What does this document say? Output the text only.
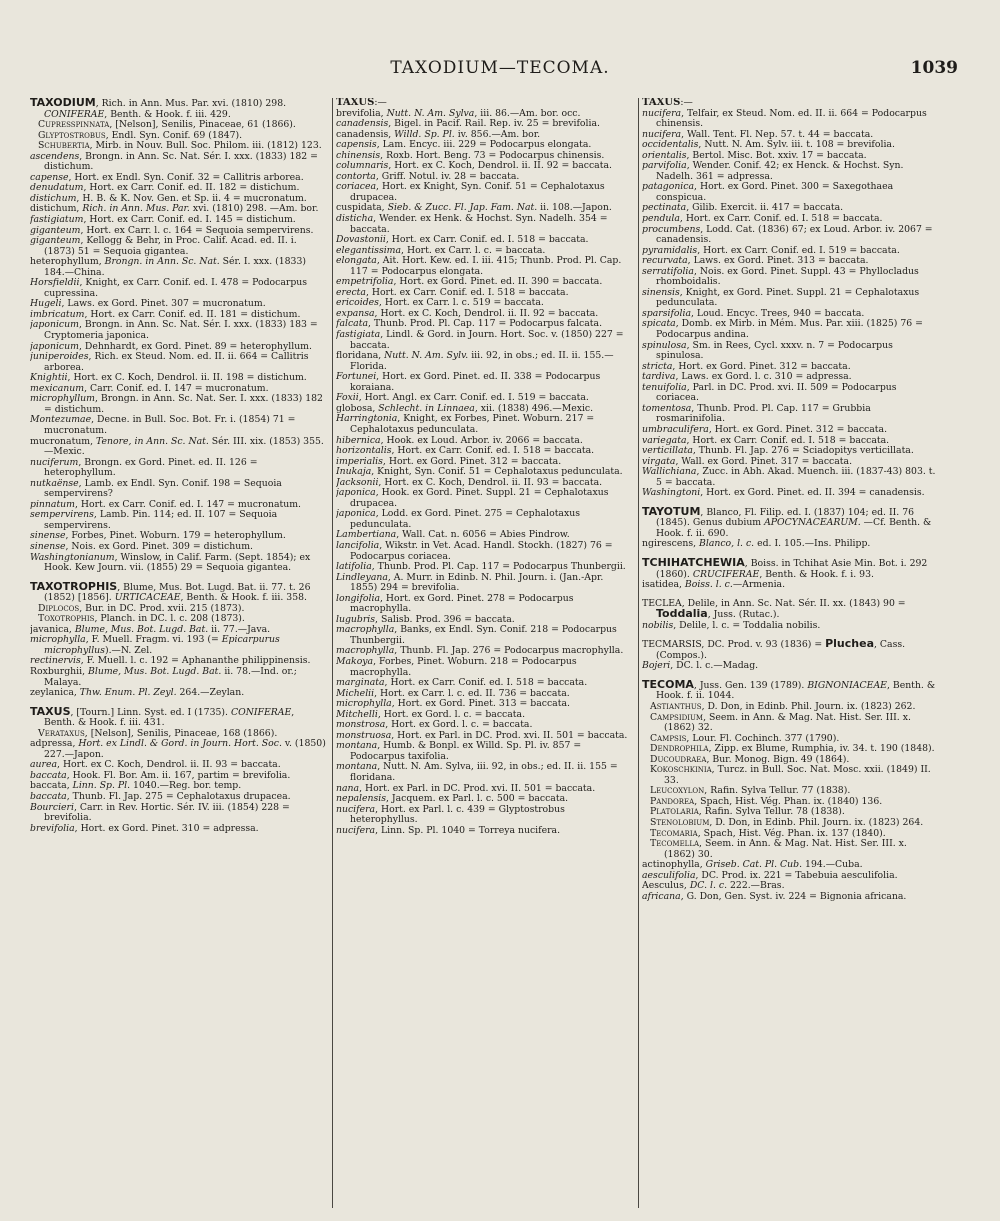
TAXODIUM—TECOMA.	1039

TAXODIUM, Rich. in Ann. Mus. Par. xvi. (1810) 298. CONIFERAE, Benth. & Hook. f. iii. 429.

Cupresspinnata, [Nelson], Senilis, Pinaceae, 61 (1866).

Glyptostrobus, Endl. Syn. Conif. 69 (1847).

Schubertia, Mirb. in Nouv. Bull. Soc. Philom. iii. (1812) 123.

ascendens, Brongn. in Ann. Sc. Nat. Sér. I. xxx. (1833) 182 = distichum.

capense, Hort. ex Endl. Syn. Conif. 32 = Callitris arborea.

denudatum, Hort. ex Carr. Conif. ed. II. 182 = distichum.

distichum, H. B. & K. Nov. Gen. et Sp. ii. 4 = mucronatum.

distichum, Rich. in Ann. Mus. Par. xvi. (1810) 298. —Am. bor.

fastigiatum, Hort. ex Carr. Conif. ed. I. 145 = distichum.

giganteum, Hort. ex Carr. l. c. 164 = Sequoia sempervirens.

giganteum, Kellogg & Behr, in Proc. Calif. Acad. ed. II. i. (1873) 51 = Sequoia gigantea.

heterophyllum, Brongn. in Ann. Sc. Nat. Sér. I. xxx. (1833) 184.—China.

Horsfieldii, Knight, ex Carr. Conif. ed. I. 478 = Podocarpus cupressina.

Hugeli, Laws. ex Gord. Pinet. 307 = mucronatum.

imbricatum, Hort. ex Carr. Conif. ed. II. 181 = distichum.

japonicum, Brongn. in Ann. Sc. Nat. Sér. I. xxx. (1833) 183 = Cryptomeria japonica.

japonicum, Dehnhardt, ex Gord. Pinet. 89 = heterophyllum.

juniperoides, Rich. ex Steud. Nom. ed. II. ii. 664 = Callitris arborea.

Knightii, Hort. ex C. Koch, Dendrol. ii. II. 198 = distichum.

mexicanum, Carr. Conif. ed. I. 147 = mucronatum.

microphyllum, Brongn. in Ann. Sc. Nat. Ser. I. xxx. (1833) 182 = distichum.

Montezumae, Decne. in Bull. Soc. Bot. Fr. i. (1854) 71 = mucronatum.

mucronatum, Tenore, in Ann. Sc. Nat. Sér. III. xix. (1853) 355.—Mexic.

nuciferum, Brongn. ex Gord. Pinet. ed. II. 126 = heterophyllum.

nutkaënse, Lamb. ex Endl. Syn. Conif. 198 = Sequoia sempervirens?

pinnatum, Hort. ex Carr. Conif. ed. I. 147 = mucronatum.

sempervirens, Lamb. Pin. 114; ed. II. 107 = Sequoia sempervirens.

sinense, Forbes, Pinet. Woburn. 179 = heterophyllum.

sinense, Nois. ex Gord. Pinet. 309 = distichum.

Washingtonianum, Winslow, in Calif. Farm. (Sept. 1854); ex Hook. Kew Journ. vii. (1855) 29 = Sequoia gigantea.

TAXOTROPHIS, Blume, Mus. Bot. Lugd. Bat. ii. 77. t. 26 (1852) [1856]. URTICACEAE, Benth. & Hook. f. iii. 358.

Diplocos, Bur. in DC. Prod. xvii. 215 (1873).

Toxotrophis, Planch. in DC. l. c. 208 (1873).

javanica, Blume, Mus. Bot. Lugd. Bat. ii. 77.—Java.

microphylla, F. Muell. Fragm. vi. 193 (= Epicarpurus microphyllus).—N. Zel.

rectinervis, F. Muell. l. c. 192 = Aphananthe philippinensis.

Roxburghii, Blume, Mus. Bot. Lugd. Bat. ii. 78.—Ind. or.; Malaya.

zeylanica, Thw. Enum. Pl. Zeyl. 264.—Zeylan.

TAXUS, [Tourn.] Linn. Syst. ed. I (1735). CONIFERAE, Benth. & Hook. f. iii. 431.

Verataxus, [Nelson], Senilis, Pinaceae, 168 (1866).

adpressa, Hort. ex Lindl. & Gord. in Journ. Hort. Soc. v. (1850) 227.—Japon.

aurea, Hort. ex C. Koch, Dendrol. ii. II. 93 = baccata.

baccata, Hook. Fl. Bor. Am. ii. 167, partim = brevifolia.

baccata, Linn. Sp. Pl. 1040.—Reg. bor. temp.

baccata, Thunb. Fl. Jap. 275 = Cephalotaxus drupacea.

Bourcieri, Carr. in Rev. Hortic. Sér. IV. iii. (1854) 228 = brevifolia.

brevifolia, Hort. ex Gord. Pinet. 310 = adpressa.

TAXUS:—

brevifolia, Nutt. N. Am. Sylva, iii. 86.—Am. bor. occ.

canadensis, Bigel. in Pacif. Rail. Rep. iv. 25 = brevifolia.

canadensis, Willd. Sp. Pl. iv. 856.—Am. bor.

capensis, Lam. Encyc. iii. 229 = Podocarpus elongata.

chinensis, Roxb. Hort. Beng. 73 = Podocarpus chinensis.

columnaris, Hort. ex C. Koch, Dendrol. ii. II. 92 = baccata.

contorta, Griff. Notul. iv. 28 = baccata.

coriacea, Hort. ex Knight, Syn. Conif. 51 = Cephalotaxus drupacea.

cuspidata, Sieb. & Zucc. Fl. Jap. Fam. Nat. ii. 108.—Japon.

disticha, Wender. ex Henk. & Hochst. Syn. Nadelh. 354 = baccata.

Dovastonii, Hort. ex Carr. Conif. ed. I. 518 = baccata.

elegantissima, Hort. ex Carr. l. c. = baccata.

elongata, Ait. Hort. Kew. ed. I. iii. 415; Thunb. Prod. Pl. Cap. 117 = Podocarpus elongata.

empetrifolia, Hort. ex Gord. Pinet. ed. II. 390 = baccata.

erecta, Hort. ex Carr. Conif. ed. I. 518 = baccata.

ericoides, Hort. ex Carr. l. c. 519 = baccata.

expansa, Hort. ex C. Koch, Dendrol. ii. II. 92 = baccata.

falcata, Thunb. Prod. Pl. Cap. 117 = Podocarpus falcata.

fastigiata, Lindl. & Gord. in Journ. Hort. Soc. v. (1850) 227 = baccata.

floridana, Nutt. N. Am. Sylv. iii. 92, in obs.; ed. II. ii. 155.—Florida.

Fortunei, Hort. ex Gord. Pinet. ed. II. 338 = Podocarpus koraiana.

Foxii, Hort. Angl. ex Carr. Conif. ed. I. 519 = baccata.

globosa, Schlecht. in Linnaea, xii. (1838) 496.—Mexic.

Harringtonia, Knight, ex Forbes, Pinet. Woburn. 217 = Cephalotaxus pedunculata.

hibernica, Hook. ex Loud. Arbor. iv. 2066 = baccata.

horizontalis, Hort. ex Carr. Conif. ed. I. 518 = baccata.

imperialis, Hort. ex Gord. Pinet. 312 = baccata.

Inukaja, Knight, Syn. Conif. 51 = Cephalotaxus pedunculata.

Jacksonii, Hort. ex C. Koch, Dendrol. ii. II. 93 = baccata.

japonica, Hook. ex Gord. Pinet. Suppl. 21 = Cephalotaxus drupacea.

japonica, Lodd. ex Gord. Pinet. 275 = Cephalotaxus pedunculata.

Lambertiana, Wall. Cat. n. 6056 = Abies Pindrow.

lancifolia, Wikstr. in Vet. Acad. Handl. Stockh. (1827) 76 = Podocarpus coriacea.

latifolia, Thunb. Prod. Pl. Cap. 117 = Podocarpus Thunbergii.

Lindleyana, A. Murr. in Edinb. N. Phil. Journ. i. (Jan.-Apr. 1855) 294 = brevifolia.

longifolia, Hort. ex Gord. Pinet. 278 = Podocarpus macrophylla.

lugubris, Salisb. Prod. 396 = baccata.

macrophylla, Banks, ex Endl. Syn. Conif. 218 = Podocarpus Thunbergii.

macrophylla, Thunb. Fl. Jap. 276 = Podocarpus macrophylla.

Makoya, Forbes, Pinet. Woburn. 218 = Podocarpus macrophylla.

marginata, Hort. ex Carr. Conif. ed. I. 518 = baccata.

Michelii, Hort. ex Carr. l. c. ed. II. 736 = baccata.

microphylla, Hort. ex Gord. Pinet. 313 = baccata.

Mitchelli, Hort. ex Gord. l. c. = baccata.

monstrosa, Hort. ex Gord. l. c. = baccata.

monstruosa, Hort. ex Parl. in DC. Prod. xvi. II. 501 = baccata.

montana, Humb. & Bonpl. ex Willd. Sp. Pl. iv. 857 = Podocarpus taxifolia.

montana, Nutt. N. Am. Sylva, iii. 92, in obs.; ed. II. ii. 155 = floridana.

nana, Hort. ex Parl. in DC. Prod. xvi. II. 501 = baccata.

nepalensis, Jacquem. ex Parl. l. c. 500 = baccata.

nucifera, Hort. ex Parl. l. c. 439 = Glyptostrobus heterophyllus.

nucifera, Linn. Sp. Pl. 1040 = Torreya nucifera.

TAXUS:—

nucifera, Telfair, ex Steud. Nom. ed. II. ii. 664 = Podocarpus chinensis.

nucifera, Wall. Tent. Fl. Nep. 57. t. 44 = baccata.

occidentalis, Nutt. N. Am. Sylv. iii. t. 108 = brevifolia.

orientalis, Bertol. Misc. Bot. xxiv. 17 = baccata.

parvifolia, Wender. Conif. 42; ex Henck. & Hochst. Syn. Nadelh. 361 = adpressa.

patagonica, Hort. ex Gord. Pinet. 300 = Saxegothaea conspicua.

pectinata, Gilib. Exercit. ii. 417 = baccata.

pendula, Hort. ex Carr. Conif. ed. I. 518 = baccata.

procumbens, Lodd. Cat. (1836) 67; ex Loud. Arbor. iv. 2067 = canadensis.

pyramidalis, Hort. ex Carr. Conif. ed. I. 519 = baccata.

recurvata, Laws. ex Gord. Pinet. 313 = baccata.

serratifolia, Nois. ex Gord. Pinet. Suppl. 43 = Phyllocladus rhomboidalis.

sinensis, Knight, ex Gord. Pinet. Suppl. 21 = Cephalotaxus pedunculata.

sparsifolia, Loud. Encyc. Trees, 940 = baccata.

spicata, Domb. ex Mirb. in Mém. Mus. Par. xiii. (1825) 76 = Podocarpus andina.

spinulosa, Sm. in Rees, Cycl. xxxv. n. 7 = Podocarpus spinulosa.

stricta, Hort. ex Gord. Pinet. 312 = baccata.

tardiva, Laws. ex Gord. l. c. 310 = adpressa.

tenuifolia, Parl. in DC. Prod. xvi. II. 509 = Podocarpus coriacea.

tomentosa, Thunb. Prod. Pl. Cap. 117 = Grubbia rosmarinifolia.

umbraculifera, Hort. ex Gord. Pinet. 312 = baccata.

variegata, Hort. ex Carr. Conif. ed. I. 518 = baccata.

verticillata, Thunb. Fl. Jap. 276 = Sciadopitys verticillata.

virgata, Wall. ex Gord. Pinet. 317 = baccata.

Wallichiana, Zucc. in Abh. Akad. Muench. iii. (1837-43) 803. t. 5 = baccata.

Washingtoni, Hort. ex Gord. Pinet. ed. II. 394 = canadensis.

TAYOTUM, Blanco, Fl. Filip. ed. I. (1837) 104; ed. II. 76 (1845). Genus dubium APOCYNACEARUM. —Cf. Benth. & Hook. f. ii. 690.

ngirescens, Blanco, l. c. ed. I. 105.—Ins. Philipp.

TCHIHATCHEWIA, Boiss. in Tchihat Asie Min. Bot. i. 292 (1860). CRUCIFERAE, Benth. & Hook. f. i. 93.

isatidea, Boiss. l. c.—Armenia.

TECLEA, Delile, in Ann. Sc. Nat. Sér. II. xx. (1843) 90 = Toddalia, Juss. (Rutac.).

nobilis, Delile, l. c. = Toddalia nobilis.

TECMARSIS, DC. Prod. v. 93 (1836) = Pluchea, Cass. (Compos.).

Bojeri, DC. l. c.—Madag.

TECOMA, Juss. Gen. 139 (1789). BIGNONIACEAE, Benth. & Hook. f. ii. 1044.

Astianthus, D. Don, in Edinb. Phil. Journ. ix. (1823) 262.

Campsidium, Seem. in Ann. & Mag. Nat. Hist. Ser. III. x. (1862) 32.

Campsis, Lour. Fl. Cochinch. 377 (1790).

Dendrophila, Zipp. ex Blume, Rumphia, iv. 34. t. 190 (1848).

Ducoudraea, Bur. Monog. Bign. 49 (1864).

Kokoschkinia, Turcz. in Bull. Soc. Nat. Mosc. xxii. (1849) II. 33.

Leucoxylon, Rafin. Sylva Tellur. 77 (1838).

Pandorea, Spach, Hist. Vég. Phan. ix. (1840) 136.

Platolaria, Rafin. Sylva Tellur. 78 (1838).

Stenolobium, D. Don, in Edinb. Phil. Journ. ix. (1823) 264.

Tecomaria, Spach, Hist. Vég. Phan. ix. 137 (1840).

Tecomella, Seem. in Ann. & Mag. Nat. Hist. Ser. III. x. (1862) 30.

actinophylla, Griseb. Cat. Pl. Cub. 194.—Cuba.

aesculifolia, DC. Prod. ix. 221 = Tabebuia aesculifolia.

Aesculus, DC. l. c. 222.—Bras.

africana, G. Don, Gen. Syst. iv. 224 = Bignonia africana.
